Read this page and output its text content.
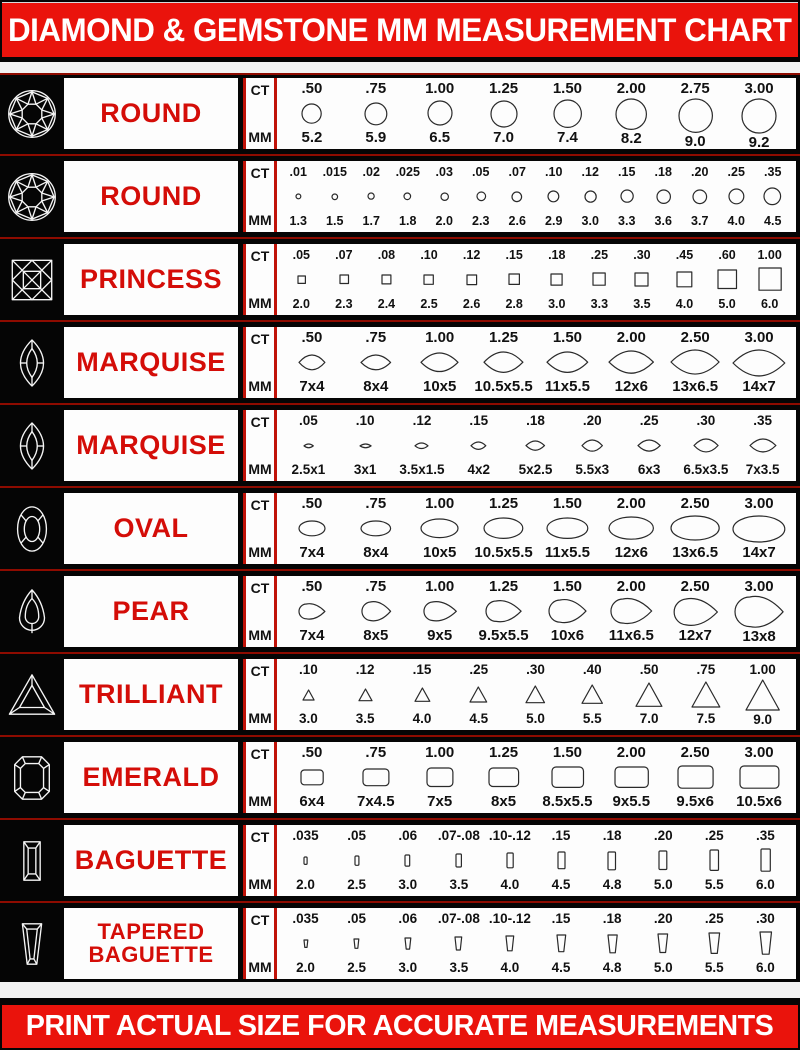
DIAMOND & GEMSTONE MM MEASUREMENT CHART
ROUND
CT
MM
.50
5.2
.75
5.9
1.00
6.5
1.25
7.0
1.50
7.4
2.00
8.2
2.75
9.0
3.00
9.2
ROUND
CT
MM
.01
1.3
.015
1.5
.02
1.7
.025
1.8
.03
2.0
.05
2.3
.07
2.6
.10
2.9
.12
3.0
.15
3.3
.18
3.6
.20
3.7
.25
4.0
.35
4.5
PRINCESS
CT
MM
.05
2.0
.07
2.3
.08
2.4
.10
2.5
.12
2.6
.15
2.8
.18
3.0
.25
3.3
.30
3.5
.45
4.0
.60
5.0
1.00
6.0
MARQUISE
CT
MM
.50
7x4
.75
8x4
1.00
10x5
1.25
10.5x5.5
1.50
11x5.5
2.00
12x6
2.50
13x6.5
3.00
14x7
MARQUISE
CT
MM
.05
2.5x1
.10
3x1
.12
3.5x1.5
.15
4x2
.18
5x2.5
.20
5.5x3
.25
6x3
.30
6.5x3.5
.35
7x3.5
OVAL
CT
MM
.50
7x4
.75
8x4
1.00
10x5
1.25
10.5x5.5
1.50
11x5.5
2.00
12x6
2.50
13x6.5
3.00
14x7
PEAR
CT
MM
.50
7x4
.75
8x5
1.00
9x5
1.25
9.5x5.5
1.50
10x6
2.00
11x6.5
2.50
12x7
3.00
13x8
TRILLIANT
CT
MM
.10
3.0
.12
3.5
.15
4.0
.25
4.5
.30
5.0
.40
5.5
.50
7.0
.75
7.5
1.00
9.0
EMERALD
CT
MM
.50
6x4
.75
7x4.5
1.00
7x5
1.25
8x5
1.50
8.5x5.5
2.00
9x5.5
2.50
9.5x6
3.00
10.5x6
BAGUETTE
CT
MM
.035
2.0
.05
2.5
.06
3.0
.07-.08
3.5
.10-.12
4.0
.15
4.5
.18
4.8
.20
5.0
.25
5.5
.35
6.0
TAPERED BAGUETTE
CT
MM
.035
2.0
.05
2.5
.06
3.0
.07-.08
3.5
.10-.12
4.0
.15
4.5
.18
4.8
.20
5.0
.25
5.5
.30
6.0
PRINT ACTUAL SIZE FOR ACCURATE MEASUREMENTS
